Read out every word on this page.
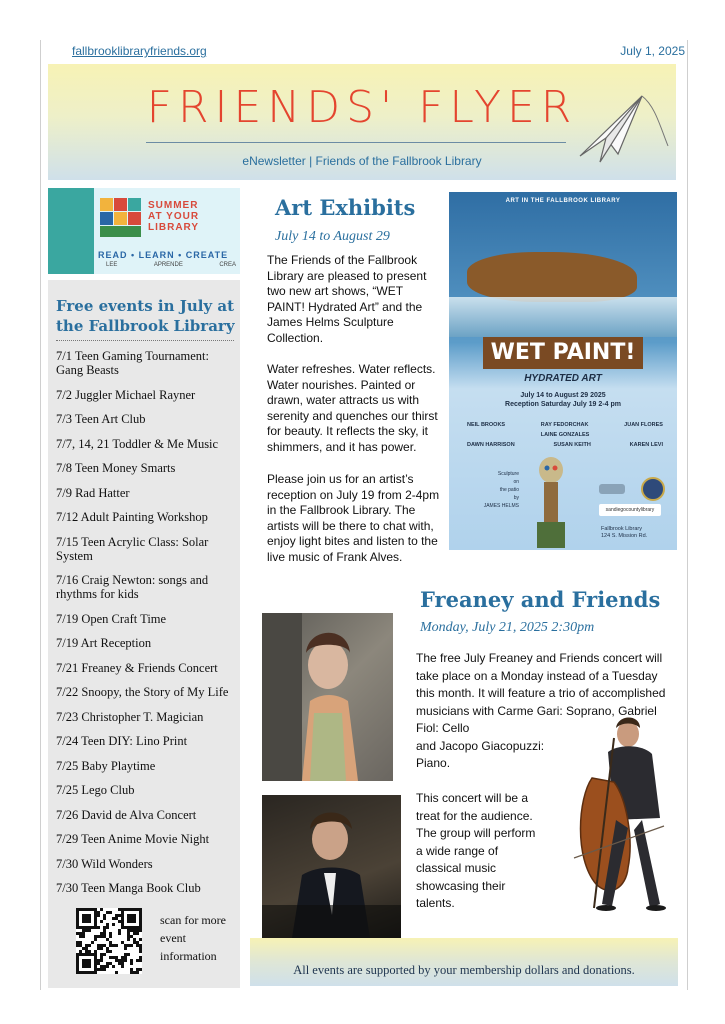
fallbrooklibraryfriends.org	July 1, 2025
FRIENDS' FLYER
eNewsletter | Friends of the Fallbrook Library
SUMMER
AT YOUR
LIBRARY
READ • LEARN • CREATE
LEE	APRENDE	CREA
Free events in July at the Fallbrook Library
7/1 Teen Gaming Tournament: Gang Beasts
7/2 Juggler Michael Rayner
7/3 Teen Art Club
7/7, 14, 21 Toddler & Me Music
7/8 Teen Money Smarts
7/9 Rad Hatter
7/12 Adult Painting Workshop
7/15 Teen Acrylic Class: Solar System
7/16 Craig Newton: songs and rhythms for kids
7/19 Open Craft Time
7/19 Art Reception
7/21 Freaney & Friends Concert
7/22 Snoopy, the Story of My Life
7/23 Christopher T. Magician
7/24 Teen DIY: Lino Print
7/25 Baby Playtime
7/25 Lego Club
7/26 David de Alva Concert
7/29 Teen Anime Movie Night
7/30 Wild Wonders
7/30 Teen Manga Book Club
scan for more event information
Art Exhibits
July 14 to August 29
The Friends of the Fallbrook Library are pleased to present two new art shows, “WET PAINT! Hydrated Art” and the James Helms Sculpture Collection.
Water refreshes. Water reflects. Water nourishes. Painted or drawn, water attracts us with serenity and quenches our thirst for beauty. It reflects the sky, it shimmers, and it has power.
Please join us for an artist’s reception on July 19 from 2-4pm in the Fallbrook Library. The artists will be there to chat with, enjoy light bites and listen to the live music of Frank Alves.
ART IN THE FALLBROOK LIBRARY
WET PAINT!
HYDRATED ART
July 14 to August 29 2025
Reception Saturday July 19 2-4 pm
NEIL BROOKS	RAY FEDORCHAK	JUAN FLORES
LAINE GONZALES
DAWN HARRISON	SUSAN KEITH	KAREN LEVI
Sculpture
on
the patio
by
JAMES HELMS
sandiegocountylibrary
Fallbrook Library
124 S. Mission Rd.
Freaney and Friends
Monday, July 21, 2025 2:30pm
The free July Freaney and Friends concert will take place on a Monday instead of a Tuesday this month. It will feature a trio of accomplished musicians with Carme Gari: Soprano, Gabriel Fiol: Cello
and Jacopo Giacopuzzi: Piano.
This concert will be a treat for the audience. The group will perform a wide range of classical music showcasing their talents.
All events are supported by your membership dollars and donations.
